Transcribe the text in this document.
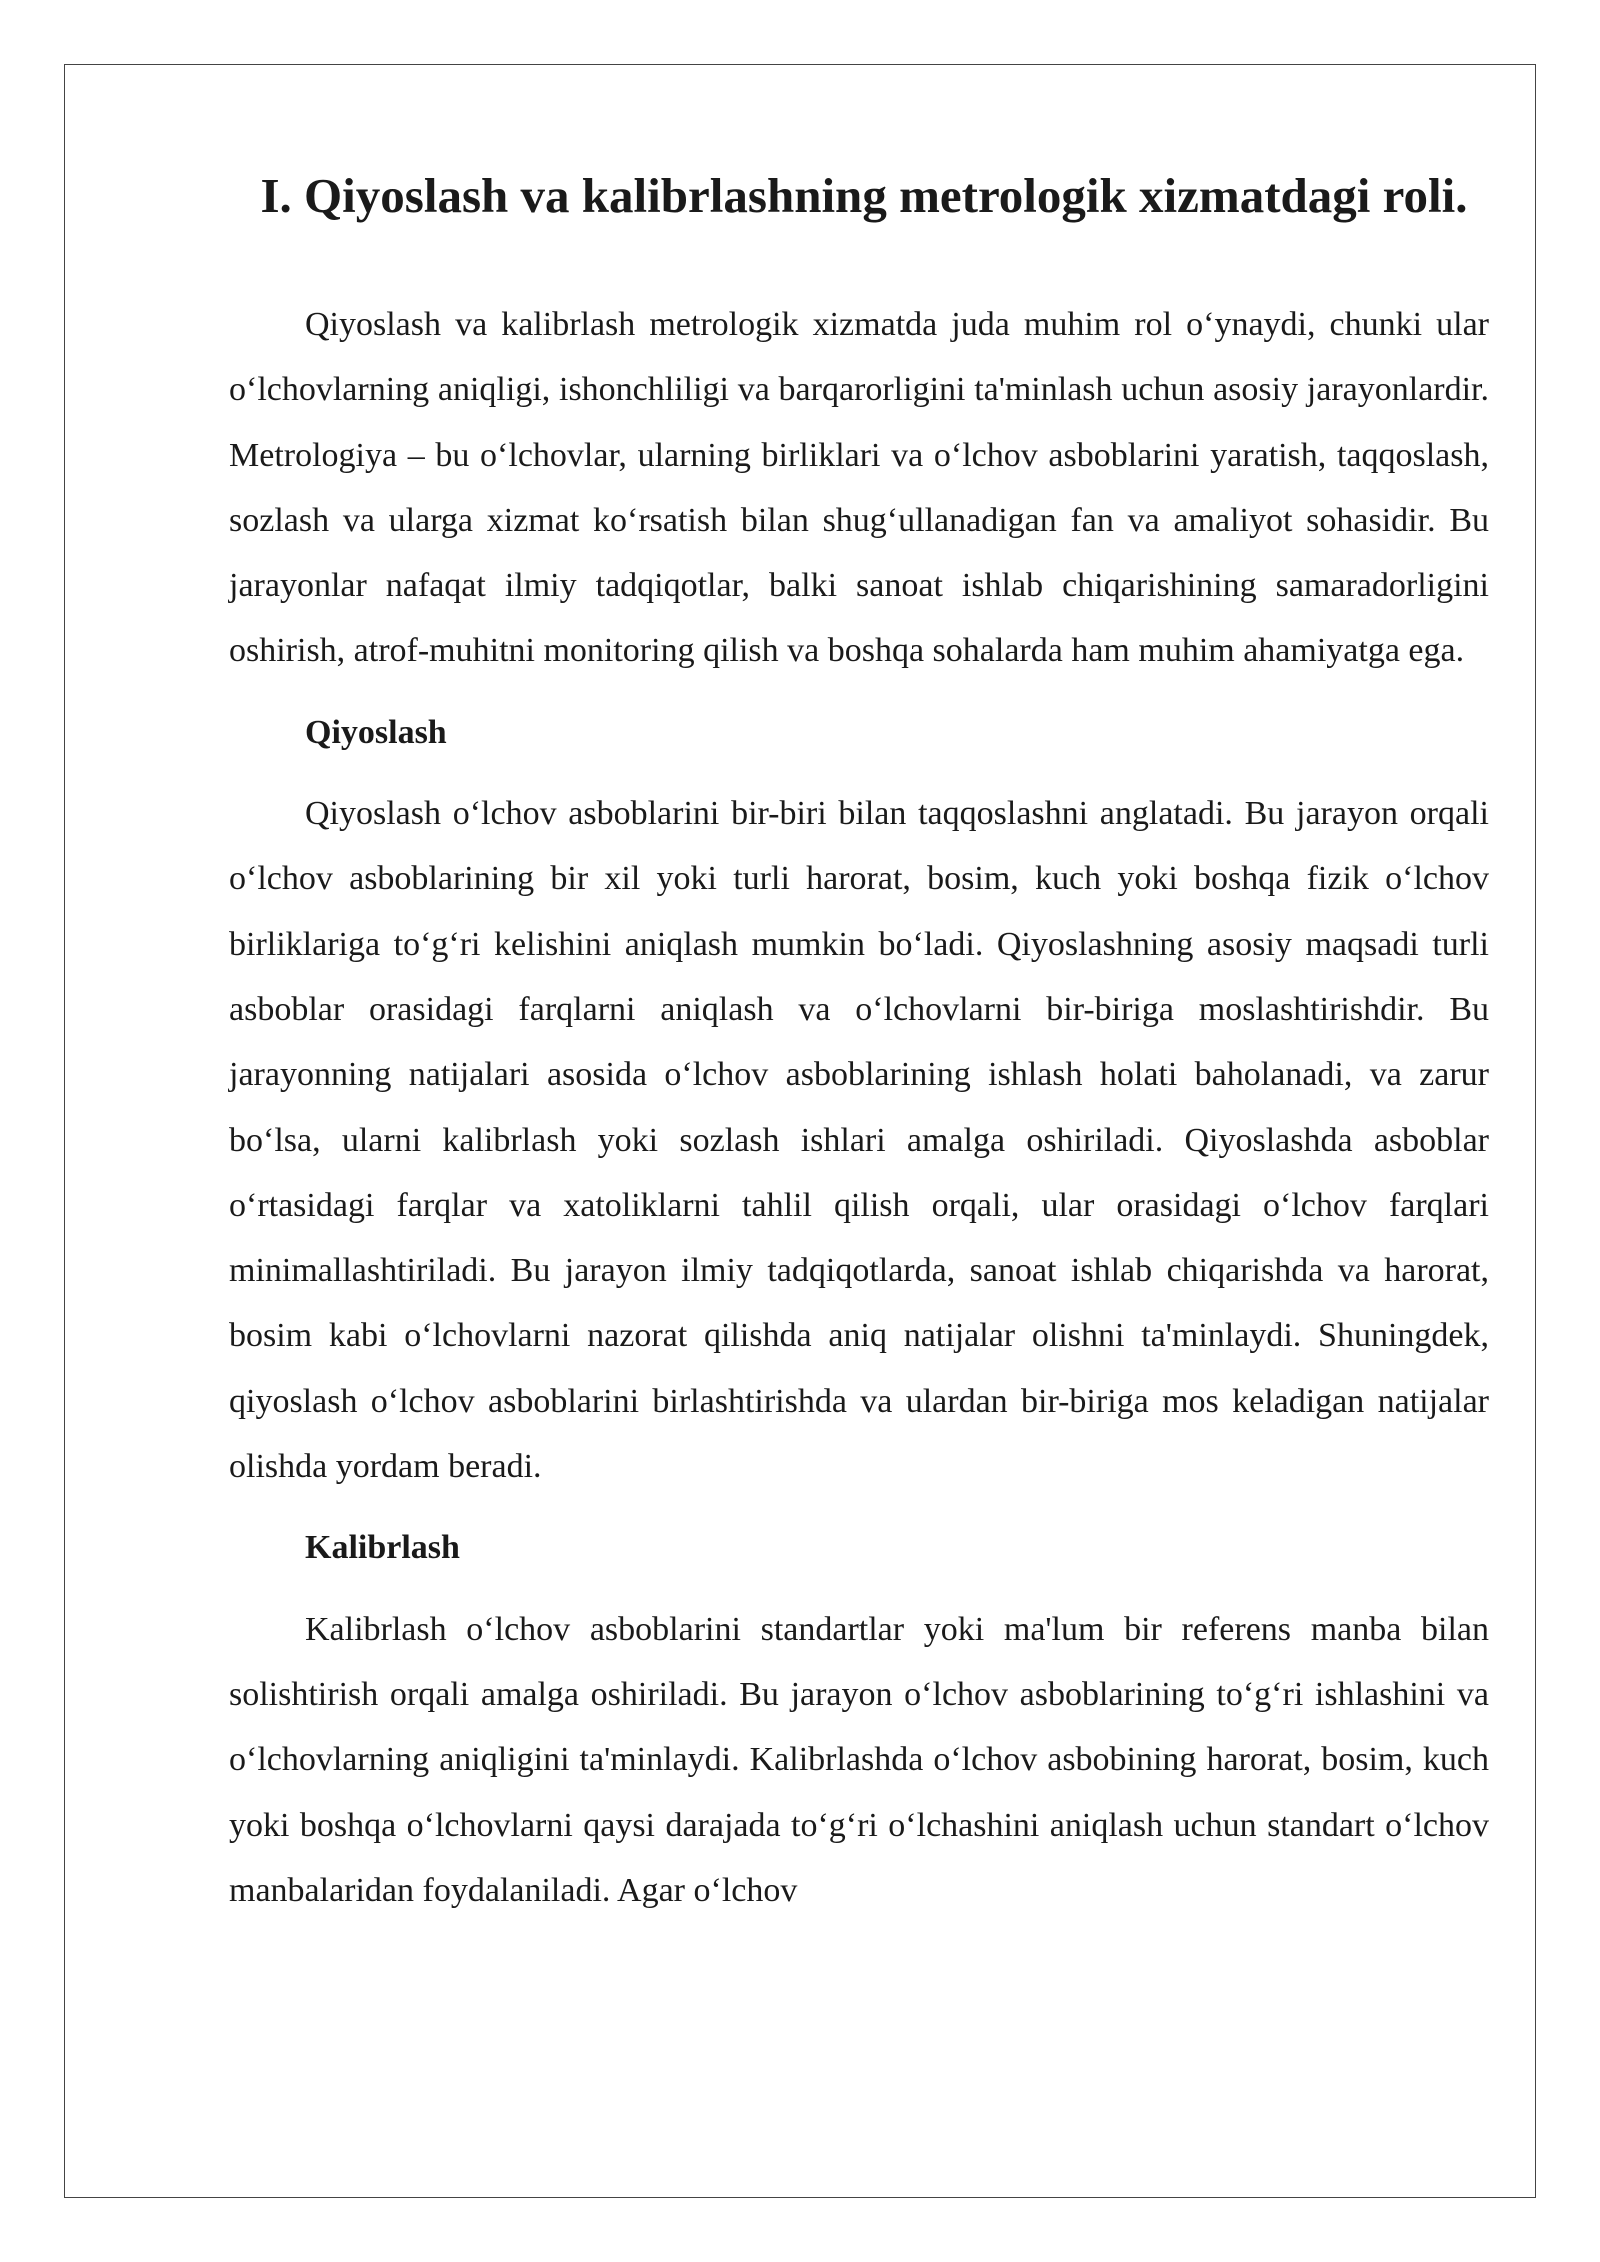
I. Qiyoslash va kalibrlashning metrologik xizmatdagi roli.

Qiyoslash va kalibrlash metrologik xizmatda juda muhim rol o‘ynaydi, chunki ular o‘lchovlarning aniqligi, ishonchliligi va barqarorligini ta'minlash uchun asosiy jarayonlardir. Metrologiya – bu o‘lchovlar, ularning birliklari va o‘lchov asboblarini yaratish, taqqoslash, sozlash va ularga xizmat ko‘rsatish bilan shug‘ullanadigan fan va amaliyot sohasidir. Bu jarayonlar nafaqat ilmiy tadqiqotlar, balki sanoat ishlab chiqarishining samaradorligini oshirish, atrof-muhitni monitoring qilish va boshqa sohalarda ham muhim ahamiyatga ega.

Qiyoslash

Qiyoslash o‘lchov asboblarini bir-biri bilan taqqoslashni anglatadi. Bu jarayon orqali o‘lchov asboblarining bir xil yoki turli harorat, bosim, kuch yoki boshqa fizik o‘lchov birliklariga to‘g‘ri kelishini aniqlash mumkin bo‘ladi. Qiyoslashning asosiy maqsadi turli asboblar orasidagi farqlarni aniqlash va o‘lchovlarni bir-biriga moslashtirishdir. Bu jarayonning natijalari asosida o‘lchov asboblarining ishlash holati baholanadi, va zarur bo‘lsa, ularni kalibrlash yoki sozlash ishlari amalga oshiriladi. Qiyoslashda asboblar o‘rtasidagi farqlar va xatoliklarni tahlil qilish orqali, ular orasidagi o‘lchov farqlari minimallashtiriladi. Bu jarayon ilmiy tadqiqotlarda, sanoat ishlab chiqarishda va harorat, bosim kabi o‘lchovlarni nazorat qilishda aniq natijalar olishni ta'minlaydi. Shuningdek, qiyoslash o‘lchov asboblarini birlashtirishda va ulardan bir-biriga mos keladigan natijalar olishda yordam beradi.

Kalibrlash

Kalibrlash o‘lchov asboblarini standartlar yoki ma'lum bir referens manba bilan solishtirish orqali amalga oshiriladi. Bu jarayon o‘lchov asboblarining to‘g‘ri ishlashini va o‘lchovlarning aniqligini ta'minlaydi. Kalibrlashda o‘lchov asbobining harorat, bosim, kuch yoki boshqa o‘lchovlarni qaysi darajada to‘g‘ri o‘lchashini aniqlash uchun standart o‘lchov manbalaridan foydalaniladi. Agar o‘lchov
